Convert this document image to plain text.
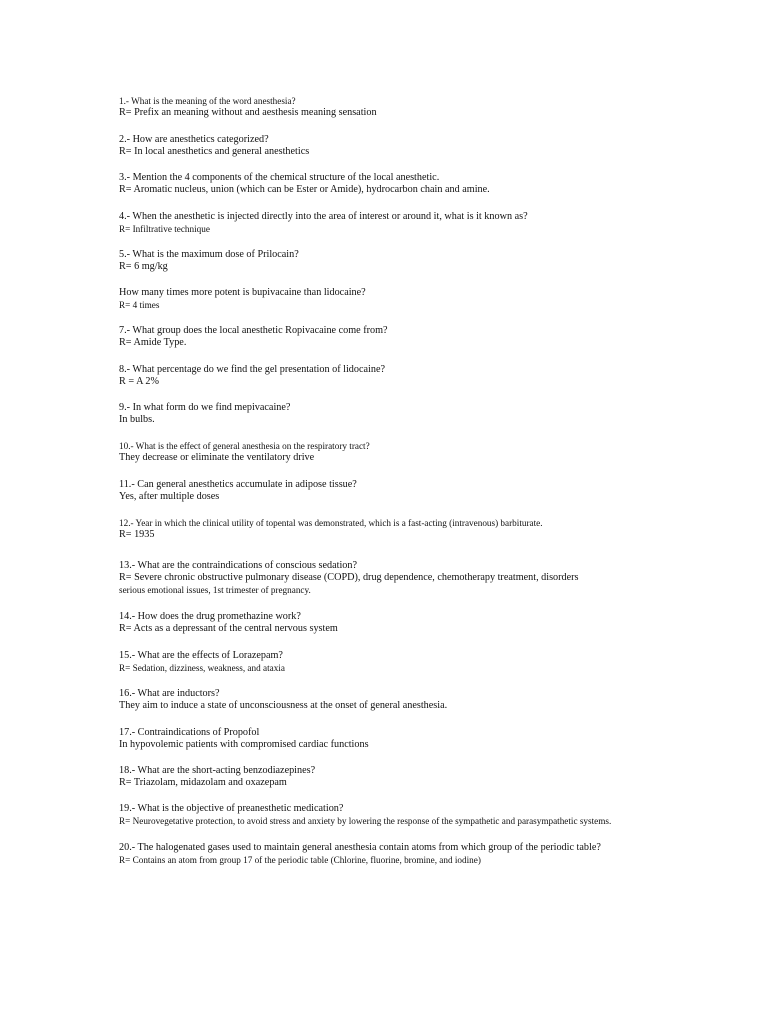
1.- What is the meaning of the word anesthesia?
R= Prefix an meaning without and aesthesis meaning sensation
2.- How are anesthetics categorized?
R= In local anesthetics and general anesthetics
3.- Mention the 4 components of the chemical structure of the local anesthetic.
R= Aromatic nucleus, union (which can be Ester or Amide), hydrocarbon chain and amine.
4.- When the anesthetic is injected directly into the area of interest or around it, what is it known as?
R= Infiltrative technique
5.- What is the maximum dose of Prilocain?
R= 6 mg/kg
How many times more potent is bupivacaine than lidocaine?
R= 4 times
7.- What group does the local anesthetic Ropivacaine come from?
R= Amide Type.
8.- What percentage do we find the gel presentation of lidocaine?
R = A 2%
9.- In what form do we find mepivacaine?
In bulbs.
10.- What is the effect of general anesthesia on the respiratory tract?
They decrease or eliminate the ventilatory drive
11.- Can general anesthetics accumulate in adipose tissue?
Yes, after multiple doses
12.- Year in which the clinical utility of topental was demonstrated, which is a fast-acting (intravenous) barbiturate.
R= 1935
13.- What are the contraindications of conscious sedation?
R= Severe chronic obstructive pulmonary disease (COPD), drug dependence, chemotherapy treatment, disorders
serious emotional issues, 1st trimester of pregnancy.
14.- How does the drug promethazine work?
R= Acts as a depressant of the central nervous system
15.- What are the effects of Lorazepam?
R= Sedation, dizziness, weakness, and ataxia
16.- What are inductors?
They aim to induce a state of unconsciousness at the onset of general anesthesia.
17.- Contraindications of Propofol
In hypovolemic patients with compromised cardiac functions
18.- What are the short-acting benzodiazepines?
R= Triazolam, midazolam and oxazepam
19.- What is the objective of preanesthetic medication?
R= Neurovegetative protection, to avoid stress and anxiety by lowering the response of the sympathetic and parasympathetic systems.
20.- The halogenated gases used to maintain general anesthesia contain atoms from which group of the periodic table?
R= Contains an atom from group 17 of the periodic table (Chlorine, fluorine, bromine, and iodine)
